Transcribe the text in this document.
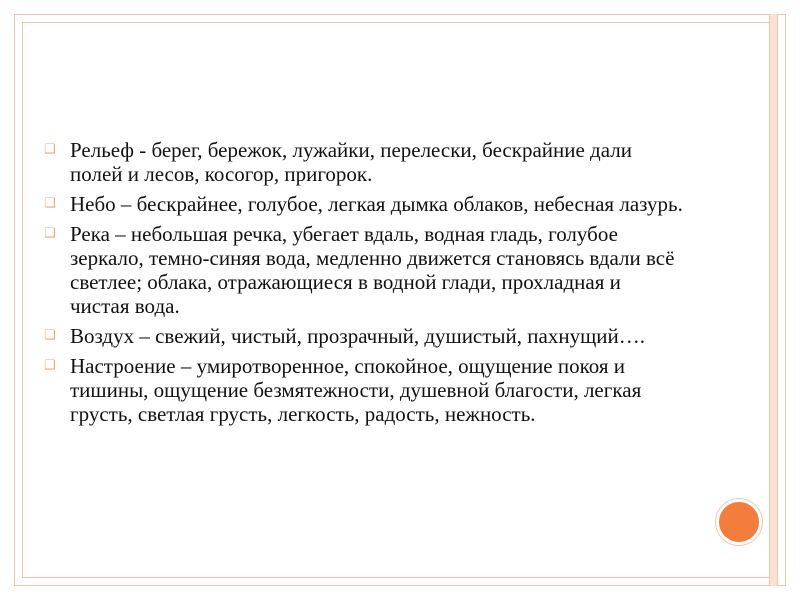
❑ Рельеф - берег, бережок, лужайки, перелески, бескрайние дали полей и лесов, косогор, пригорок.
❑ Небо – бескрайнее, голубое, легкая дымка облаков, небесная лазурь.
❑ Река – небольшая речка, убегает вдаль, водная гладь, голубое зеркало, темно-синяя вода, медленно движется становясь вдали всё светлее; облака, отражающиеся в водной глади, прохладная и чистая вода.
❑ Воздух – свежий, чистый, прозрачный, душистый, пахнущий….
❑ Настроение – умиротворенное, спокойное, ощущение покоя и тишины, ощущение безмятежности, душевной благости, легкая грусть, светлая грусть, легкость, радость, нежность.
